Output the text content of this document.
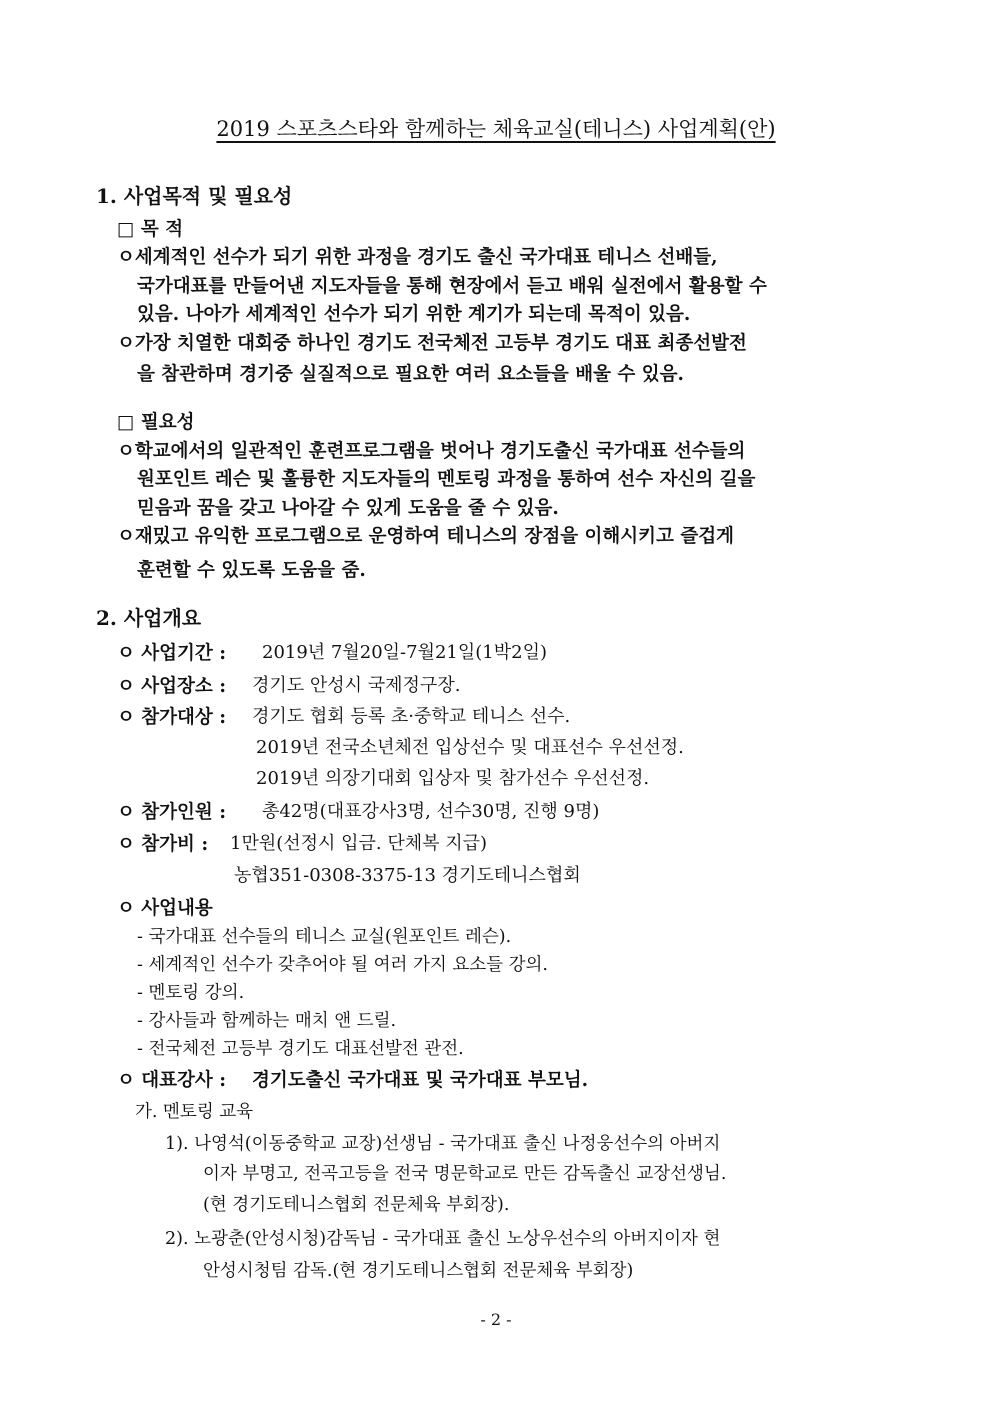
2019 스포츠스타와 함께하는 체육교실(테니스) 사업계획(안)
1. 사업목적 및 필요성
□ 목 적
ㅇ세계적인 선수가 되기 위한 과정을 경기도 출신 국가대표 테니스 선배들,
국가대표를 만들어낸 지도자들을 통해 현장에서 듣고 배워 실전에서 활용할 수
있음. 나아가 세계적인 선수가 되기 위한 계기가 되는데 목적이 있음.
ㅇ가장 치열한 대회중 하나인 경기도 전국체전 고등부 경기도 대표 최종선발전
을 참관하며 경기중 실질적으로 필요한 여러 요소들을 배울 수 있음.
□ 필요성
ㅇ학교에서의 일관적인 훈련프로그램을 벗어나 경기도출신 국가대표 선수들의
원포인트 레슨 및 훌륭한 지도자들의 멘토링 과정을 통하여 선수 자신의 길을
믿음과 꿈을 갖고 나아갈 수 있게 도움을 줄 수 있음.
ㅇ재밌고 유익한 프로그램으로 운영하여 테니스의 장점을 이해시키고 즐겁게
훈련할 수 있도록 도움을 줌.
2. 사업개요
ㅇ 사업기간 : 2019년 7월20일-7월21일(1박2일)
ㅇ 사업장소 : 경기도 안성시 국제정구장.
ㅇ 참가대상 : 경기도 협회 등록 초·중학교 테니스 선수.
2019년 전국소년체전 입상선수 및 대표선수 우선선정.
2019년 의장기대회 입상자 및 참가선수 우선선정.
ㅇ 참가인원 : 총42명(대표강사3명, 선수30명, 진행 9명)
ㅇ 참가비 : 1만원(선정시 입금. 단체복 지급)
농협351-0308-3375-13 경기도테니스협회
ㅇ 사업내용
- 국가대표 선수들의 테니스 교실(원포인트 레슨).
- 세계적인 선수가 갖추어야 될 여러 가지 요소들 강의.
- 멘토링 강의.
- 강사들과 함께하는 매치 앤 드릴.
- 전국체전 고등부 경기도 대표선발전 관전.
ㅇ 대표강사 : 경기도출신 국가대표 및 국가대표 부모님.
가. 멘토링 교육
1). 나영석(이동중학교 교장)선생님 - 국가대표 출신 나정웅선수의 아버지
이자 부명고, 전곡고등을 전국 명문학교로 만든 감독출신 교장선생님.
(현 경기도테니스협회 전문체육 부회장).
2). 노광춘(안성시청)감독님 - 국가대표 출신 노상우선수의 아버지이자 현
안성시청팀 감독.(현 경기도테니스협회 전문체육 부회장)
- 2 -
